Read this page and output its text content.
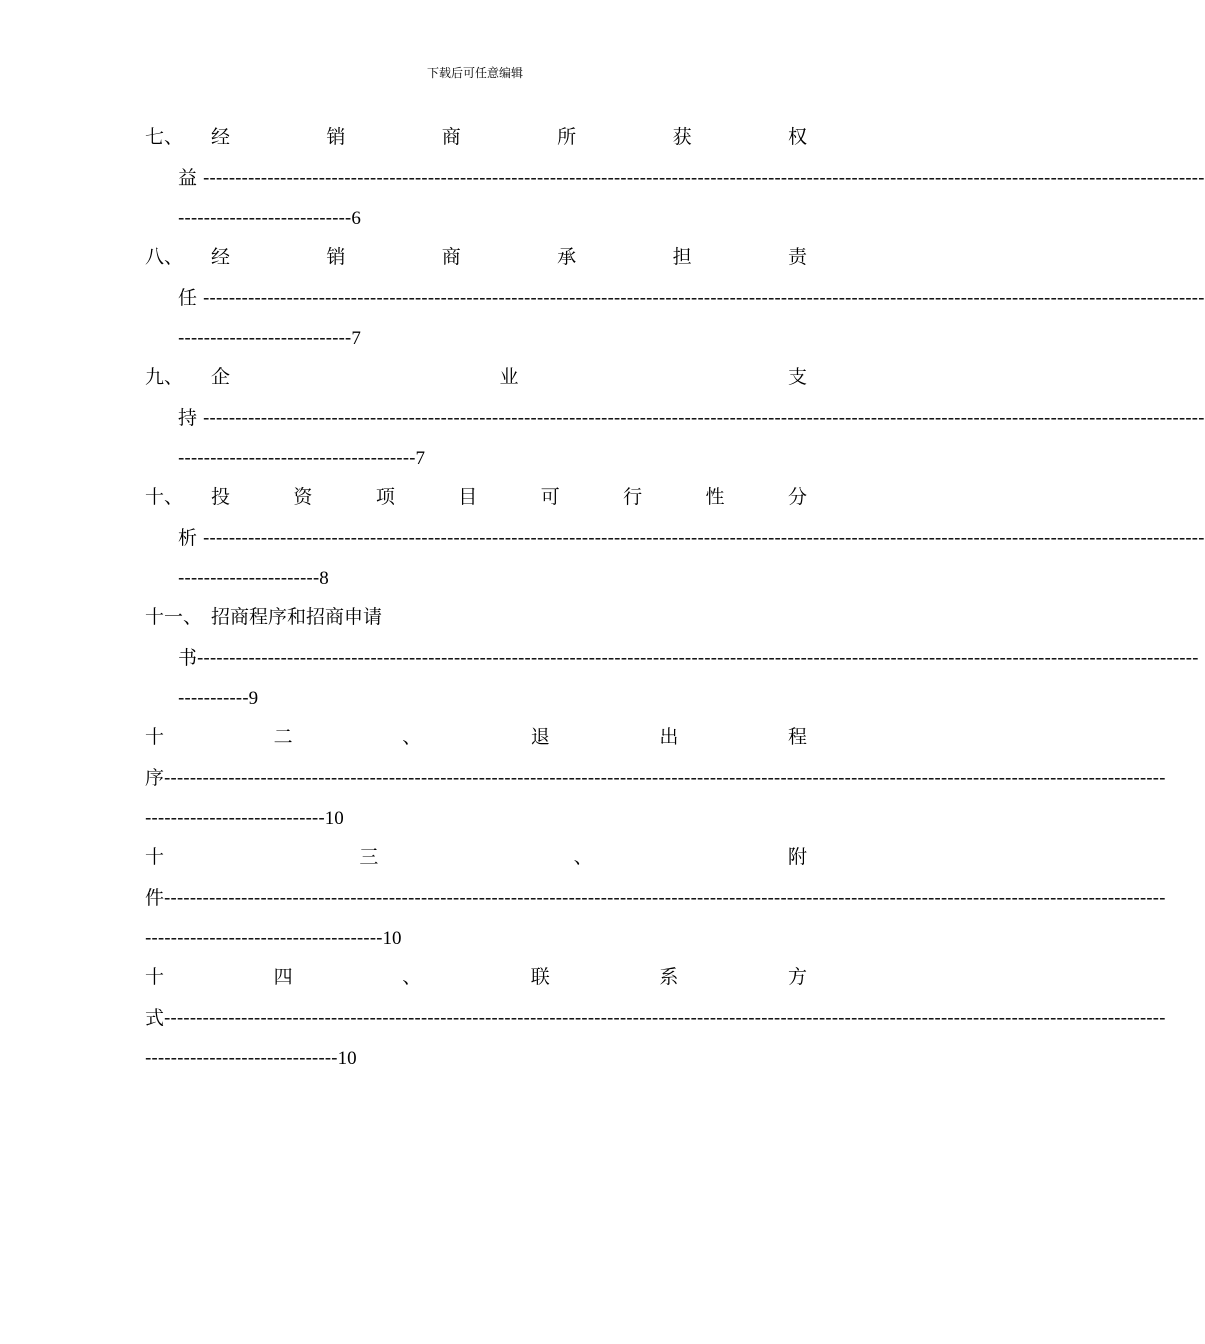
下载后可任意编辑
七、	经	销	商	所	获	权
益 ------------------------------------------------------------------------------------------------------------------------------------------------------------
---------------------------6
八、	经	销	商	承	担	责
任 ------------------------------------------------------------------------------------------------------------------------------------------------------------
---------------------------7
九、	企	业	支
持 ------------------------------------------------------------------------------------------------------------------------------------------------------------
-------------------------------------7
十、	投	资	项	目	可	行	性	分
析 ------------------------------------------------------------------------------------------------------------------------------------------------------------
----------------------8
十一、 招商程序和招商申请
书 ------------------------------------------------------------------------------------------------------------------------------------------------------------
-----------9
十	二	、	退	出	程
序 ------------------------------------------------------------------------------------------------------------------------------------------------------------
----------------------------10
十	三	、	附
件 ------------------------------------------------------------------------------------------------------------------------------------------------------------
-------------------------------------10
十	四	、	联	系	方
式 ------------------------------------------------------------------------------------------------------------------------------------------------------------
------------------------------10
